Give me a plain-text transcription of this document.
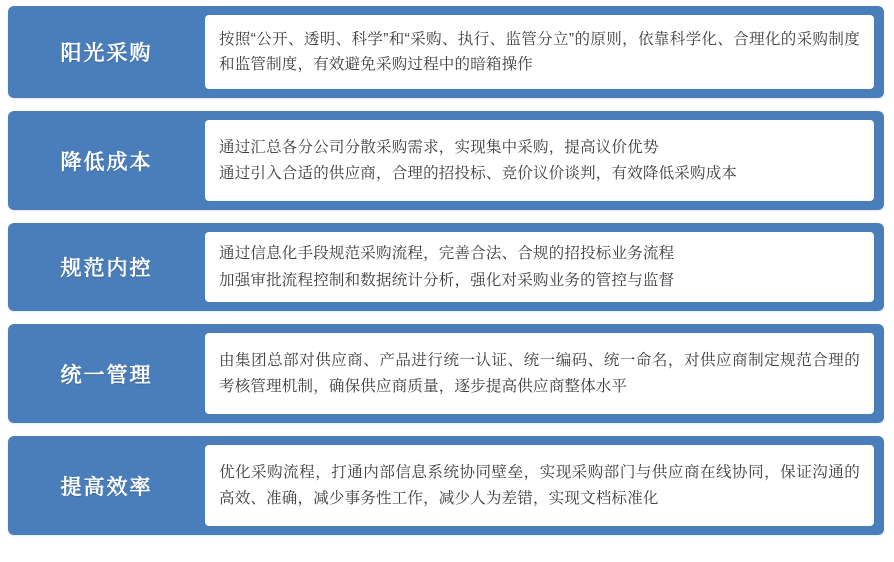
阳光采购

按照“公开、透明、科学”和“采购、执行、监管分立”的原则，依靠科学化、合理化的采购制度和监管制度，有效避免采购过程中的暗箱操作

降低成本

通过汇总各分公司分散采购需求，实现集中采购，提高议价优势

通过引入合适的供应商，合理的招投标、竞价议价谈判，有效降低采购成本

规范内控

通过信息化手段规范采购流程，完善合法、合规的招投标业务流程

加强审批流程控制和数据统计分析，强化对采购业务的管控与监督

统一管理

由集团总部对供应商、产品进行统一认证、统一编码、统一命名，对供应商制定规范合理的考核管理机制，确保供应商质量，逐步提高供应商整体水平

提高效率

优化采购流程，打通内部信息系统协同壁垒，实现采购部门与供应商在线协同，保证沟通的高效、准确，减少事务性工作，减少人为差错，实现文档标准化
